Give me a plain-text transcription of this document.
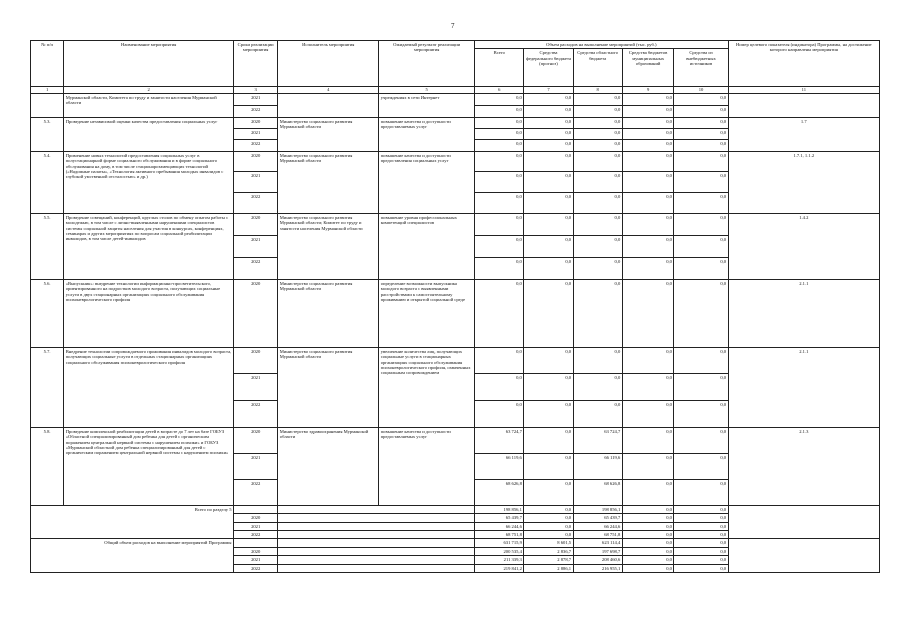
7
№ п/п	Наименование мероприятия	Сроки реализации мероприятия	Исполнитель мероприятия	Ожидаемый результат реализации мероприятия	Объем расходов на выполнение мероприятий (тыс. руб.)					Номер целевого показателя (индикатора) Программы, на достижение которого направлены мероприятия
					Всего	Средства федерального бюджета (прогноз)	Средства областного бюджета	Средства бюджетов муниципальных образований	Средства из внебюджетных источников	
1	2	3	4	5	6	7	8	9	10	11
	Мурманской области, Комитета по труду и занятости населения Мурманской области	2021		учреждениях в сети Интернет	0,0	0,0	0,0	0,0	0,0	
		2022			0,0	0,0	0,0	0,0	0,0	
5.3.	Проведение независимой оценки качества предоставления социальных услуг	2020	Министерство социального развития Мурманской области	повышение качества и доступности предоставляемых услуг	0,0	0,0	0,0	0,0	0,0	1.7
		2021			0,0	0,0	0,0	0,0	0,0	
		2022			0,0	0,0	0,0	0,0	0,0	
5.4.	Применение новых технологий предоставления социальных услуг в полустационарной форме социального обслуживания и в форме социального обслуживания на дому, в том числе стационарозамещающих технологий («Надомные палаты», «Технология активного пребывания молодых инвалидов с глубокой умственной отсталостью» и др.)	2020	Министерство социального развития Мурманской области	повышение качества и доступности предоставления социальных услуг	0,0	0,0	0,0	0,0	0,0	1.7.1, 1.1.2
		2021			0,0	0,0	0,0	0,0	0,0	
		2022			0,0	0,0	0,0	0,0	0,0	
5.5.	Проведение совещаний, конференций, круглых столов по обмену опытом работы с молодежью, в том числе с лично-выявленными нарушениями специалистов системы социальной защиты населения для участия в конкурсах, конференциях, семинарах и других мероприятиях по вопросам социальной реабилитации инвалидов, в том числе детей-инвалидов	2020	Министерство социального развития Мурманской области; Комитет по труду и занятости населения Мурманской области	повышение уровня профессиональных компетенций специалистов	0,0	0,0	0,0	0,0	0,0	1.4.2
		2021			0,0	0,0	0,0	0,0	0,0	
		2022			0,0	0,0	0,0	0,0	0,0	
5.6.	«Выпускник»: внедрение технологии информационно-просветительского, ориентированного на подростков молодого возраста, получающих социальные услуги в двух стационарных организациях социального обслуживания психоневрологического профиля	2020	Министерство социального развития Мурманской области	определение возможности выпускника молодого возраста с выявленными расстройствами к самостоятельному проживанию и открытой социальной среде	0,0	0,0	0,0	0,0	0,0	2.1.1
5.7.	Внедрение технологии сопровождаемого проживания инвалидов молодого возраста, получающих социальные услуги в отдельных стационарных организациях социального обслуживания психоневрологического профиля	2020	Министерство социального развития Мурманской области	увеличение количества лиц, получающих социальные услуги в стационарных организациях социального обслуживания психоневрологического профиля, охваченных социальным сопровождением	0,0	0,0	0,0	0,0	0,0	2.1.1
		2021			0,0	0,0	0,0	0,0	0,0	
		2022			0,0	0,0	0,0	0,0	0,0	
5.8.	Проведение комплексной реабилитации детей в возрасте до 7 лет на базе ГОБУЗ «Областной специализированный дом ребенка для детей с органическим поражением центральной нервной системы с нарушением психики» и ГОБУЗ «Мурманский областной дом ребенка специализированный для детей с органическим поражением центральной нервной системы с нарушением психики»	2020	Министерство здравоохранения Мурманской области	повышение качества и доступности предоставляемых услуг	63 724,7	0,0	63 724,7	0,0	0,0	2.1.3
		2021			66 119,6	0,0	66 119,6	0,0	0,0	
		2022			68 626,8	0,0	68 626,8	0,0	0,0	
Всего по разделу 5					198 856,1	0,0	198 856,1	0,0	0,0	
		2020			65 439,7	0,0	65 439,7	0,0	0,0	
		2021			66 244,6	0,0	66 244,6	0,0	0,0	
		2022			68 751,8	0,0	68 751,8	0,0	0,0	
Общий объем расходов на выполнение мероприятий Программы					631 715,9	8 601,5	623 114,4	0,0	0,0	
		2020			200 535,4	2 836,7	197 698,7	0,0	0,0	
		2021			211 339,3	2 878,7	208 460,6	0,0	0,0	
		2022			219 841,2	2 886,1	216 955,1	0,0	0,0	
